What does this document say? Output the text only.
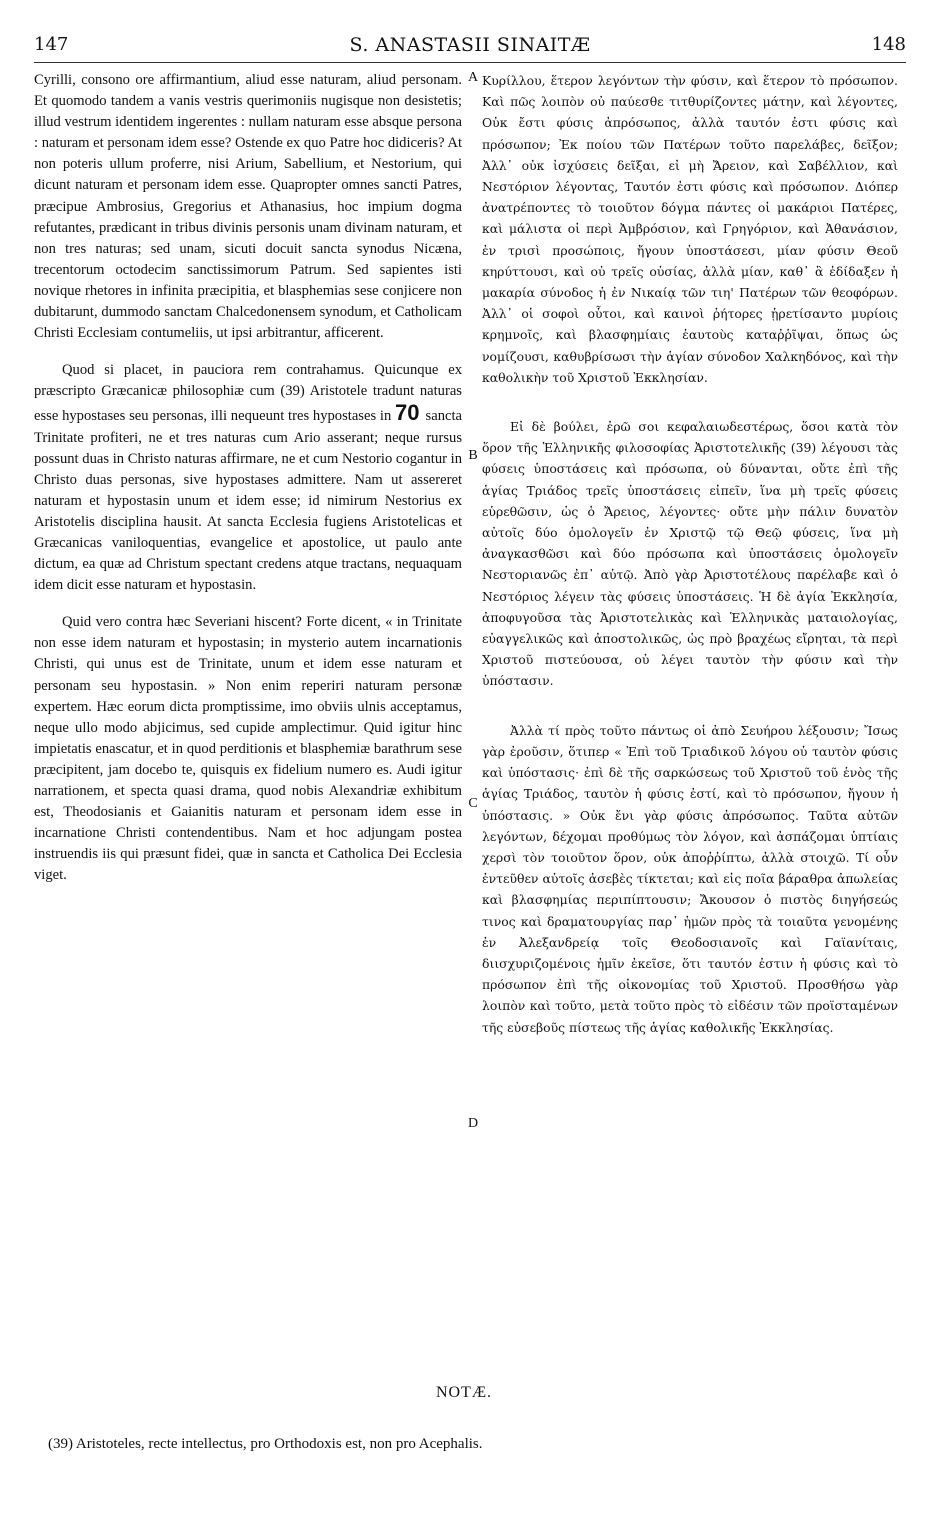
147	S. ANASTASII SINAITÆ	148

Cyrilli, consono ore affirmantium, aliud esse naturam, aliud personam. Et quomodo tandem a vanis vestris querimoniis nugisque non desistetis; illud vestrum identidem ingerentes : nullam naturam esse absque persona : naturam et personam idem esse? Ostende ex quo Patre hoc didiceris? At non poteris ullum proferre, nisi Arium, Sabellium, et Nestorium, qui dicunt naturam et personam idem esse. Quapropter omnes sancti Patres, præcipue Ambrosius, Gregorius et Athanasius, hoc impium dogma refutantes, prædicant in tribus divinis personis unam divinam naturam, et non tres naturas; sed unam, sicuti docuit sancta synodus Nicæna, trecentorum octodecim sanctissimorum Patrum. Sed sapientes isti novique rhetores in infinita præcipitia, et blasphemias sese conjicere non dubitarunt, dummodo sanctam Chalcedonensem synodum, et Catholicam Christi Ecclesiam contumeliis, ut ipsi arbitrantur, afficerent.

Quod si placet, in pauciora rem contrahamus. Quicunque ex præscripto Græcanicæ philosophiæ cum (39) Aristotele tradunt naturas esse hypostases seu personas, illi nequeunt tres hypostases in 70 sancta Trinitate profiteri, ne et tres naturas cum Ario asserant; neque rursus possunt duas in Christo naturas affirmare, ne et cum Nestorio cogantur in Christo duas personas, sive hypostases admittere. Nam ut assereret naturam et hypostasin unum et idem esse; id nimirum Nestorius ex Aristotelis disciplina hausit. At sancta Ecclesia fugiens Aristotelicas et Græcanicas vaniloquentias, evangelice et apostolice, ut paulo ante dictum, ea quæ ad Christum spectant credens atque tractans, nequaquam idem dicit esse naturam et hypostasin.

Quid vero contra hæc Severiani hiscent? Forte dicent, « in Trinitate non esse idem naturam et hypostasin; in mysterio autem incarnationis Christi, qui unus est de Trinitate, unum et idem esse naturam et personam seu hypostasin. » Non enim reperiri naturam personæ expertem. Hæc eorum dicta promptissime, imo obviis ulnis acceptamus, neque ullo modo abjicimus, sed cupide amplectimur. Quid igitur hinc impietatis enascatur, et in quod perditionis et blasphemiæ barathrum sese præcipitent, jam docebo te, quisquis ex fidelium numero es. Audi igitur narrationem, et specta quasi drama, quod nobis Alexandriæ exhibitum est, Theodosianis et Gaianitis naturam et personam idem esse in incarnatione Christi contendentibus. Nam et hoc adjungam postea instruendis iis qui præsunt fidei, quæ in sancta et Catholica Dei Ecclesia viget.

A
B
C
D

Κυρίλλου, ἕτερον λεγόντων τὴν φύσιν, καὶ ἕτερον τὸ πρόσωπον. Καὶ πῶς λοιπὸν οὐ παύεσθε τιτθυρίζοντες μάτην, καὶ λέγοντες, Οὐκ ἔστι φύσις ἀπρόσωπος, ἀλλὰ ταυτόν ἐστι φύσις καὶ πρόσωπον; Ἐκ ποίου τῶν Πατέρων τοῦτο παρελάβες, δεῖξον; Ἀλλ᾽ οὐκ ἰσχύσεις δεῖξαι, εἰ μὴ Ἄρειον, καὶ Σαβέλλιον, καὶ Νεστόριον λέγοντας, Ταυτόν ἐστι φύσις καὶ πρόσωπον. Διόπερ ἀνατρέποντες τὸ τοιοῦτον δόγμα πάντες οἱ μακάριοι Πατέρες, καὶ μάλιστα οἱ περὶ Ἀμβρόσιον, καὶ Γρηγόριον, καὶ Ἀθανάσιον, ἐν τρισὶ προσώποις, ἤγουν ὑποστάσεσι, μίαν φύσιν Θεοῦ κηρύττουσι, καὶ οὐ τρεῖς οὐσίας, ἀλλὰ μίαν, καθ᾽ ἃ ἐδίδαξεν ἡ μακαρία σύνοδος ἡ ἐν Νικαίᾳ τῶν τιη' Πατέρων τῶν θεοφόρων. Ἀλλ᾽ οἱ σοφοὶ οὗτοι, καὶ καινοὶ ῥήτορες ᾑρετίσαντο μυρίοις κρημνοῖς, καὶ βλασφημίαις ἑαυτοὺς καταῤῥῖψαι, ὅπως ὡς νομίζουσι, καθυβρίσωσι τὴν ἁγίαν σύνοδον Χαλκηδόνος, καὶ τὴν καθολικὴν τοῦ Χριστοῦ Ἐκκλησίαν.

Εἰ δὲ βούλει, ἐρῶ σοι κεφαλαιωδεστέρως, ὅσοι κατὰ τὸν ὅρον τῆς Ἑλληνικῆς φιλοσοφίας Ἀριστοτελικῆς (39) λέγουσι τὰς φύσεις ὑποστάσεις καὶ πρόσωπα, οὐ δύνανται, οὔτε ἐπὶ τῆς ἁγίας Τριάδος τρεῖς ὑποστάσεις εἰπεῖν, ἵνα μὴ τρεῖς φύσεις εὑρεθῶσιν, ὡς ὁ Ἄρειος, λέγοντες· οὔτε μὴν πάλιν δυνατὸν αὐτοῖς δύο ὁμολογεῖν ἐν Χριστῷ τῷ Θεῷ φύσεις, ἵνα μὴ ἀναγκασθῶσι καὶ δύο πρόσωπα καὶ ὑποστάσεις ὁμολογεῖν Νεστοριανῶς ἐπ᾽ αὐτῷ. Ἀπὸ γὰρ Ἀριστοτέλους παρέλαβε καὶ ὁ Νεστόριος λέγειν τὰς φύσεις ὑποστάσεις. Ἡ δὲ ἁγία Ἐκκλησία, ἀποφυγοῦσα τὰς Ἀριστοτελικὰς καὶ Ἑλληνικὰς ματαιολογίας, εὐαγγελικῶς καὶ ἀποστολικῶς, ὡς πρὸ βραχέως εἴρηται, τὰ περὶ Χριστοῦ πιστεύουσα, οὐ λέγει ταυτὸν τὴν φύσιν καὶ τὴν ὑπόστασιν.

Ἀλλὰ τί πρὸς τοῦτο πάντως οἱ ἀπὸ Σευήρου λέξουσιν; Ἴσως γὰρ ἐροῦσιν, ὅτιπερ « Ἐπὶ τοῦ Τριαδικοῦ λόγου οὐ ταυτὸν φύσις καὶ ὑπόστασις· ἐπὶ δὲ τῆς σαρκώσεως τοῦ Χριστοῦ τοῦ ἑνὸς τῆς ἁγίας Τριάδος, ταυτὸν ἡ φύσις ἐστί, καὶ τὸ πρόσωπον, ἤγουν ἡ ὑπόστασις. » Οὐκ ἔνι γὰρ φύσις ἀπρόσωπος. Ταῦτα αὐτῶν λεγόντων, δέχομαι προθύμως τὸν λόγον, καὶ ἀσπάζομαι ὑπτίαις χερσὶ τὸν τοιοῦτον ὅρον, οὐκ ἀποῤῥίπτω, ἀλλὰ στοιχῶ. Τί οὖν ἐντεῦθεν αὐτοῖς ἀσεβὲς τίκτεται; καὶ εἰς ποῖα βάραθρα ἀπωλείας καὶ βλασφημίας περιπίπτουσιν; Ἄκουσον ὁ πιστὸς διηγήσεώς τινος καὶ δραματουργίας παρ᾽ ἡμῶν πρὸς τὰ τοιαῦτα γενομένης ἐν Ἀλεξανδρείᾳ τοῖς Θεοδοσιανοῖς καὶ Γαϊανίταις, διισχυριζομένοις ἡμῖν ἐκεῖσε, ὅτι ταυτόν ἐστιν ἡ φύσις καὶ τὸ πρόσωπον ἐπὶ τῆς οἰκονομίας τοῦ Χριστοῦ. Προσθήσω γὰρ λοιπὸν καὶ τοῦτο, μετὰ τοῦτο πρὸς τὸ εἰδέσιν τῶν προϊσταμένων τῆς εὐσεβοῦς πίστεως τῆς ἁγίας καθολικῆς Ἐκκλησίας.

NOTÆ.
(39) Aristoteles, recte intellectus, pro Orthodoxis est, non pro Acephalis.
